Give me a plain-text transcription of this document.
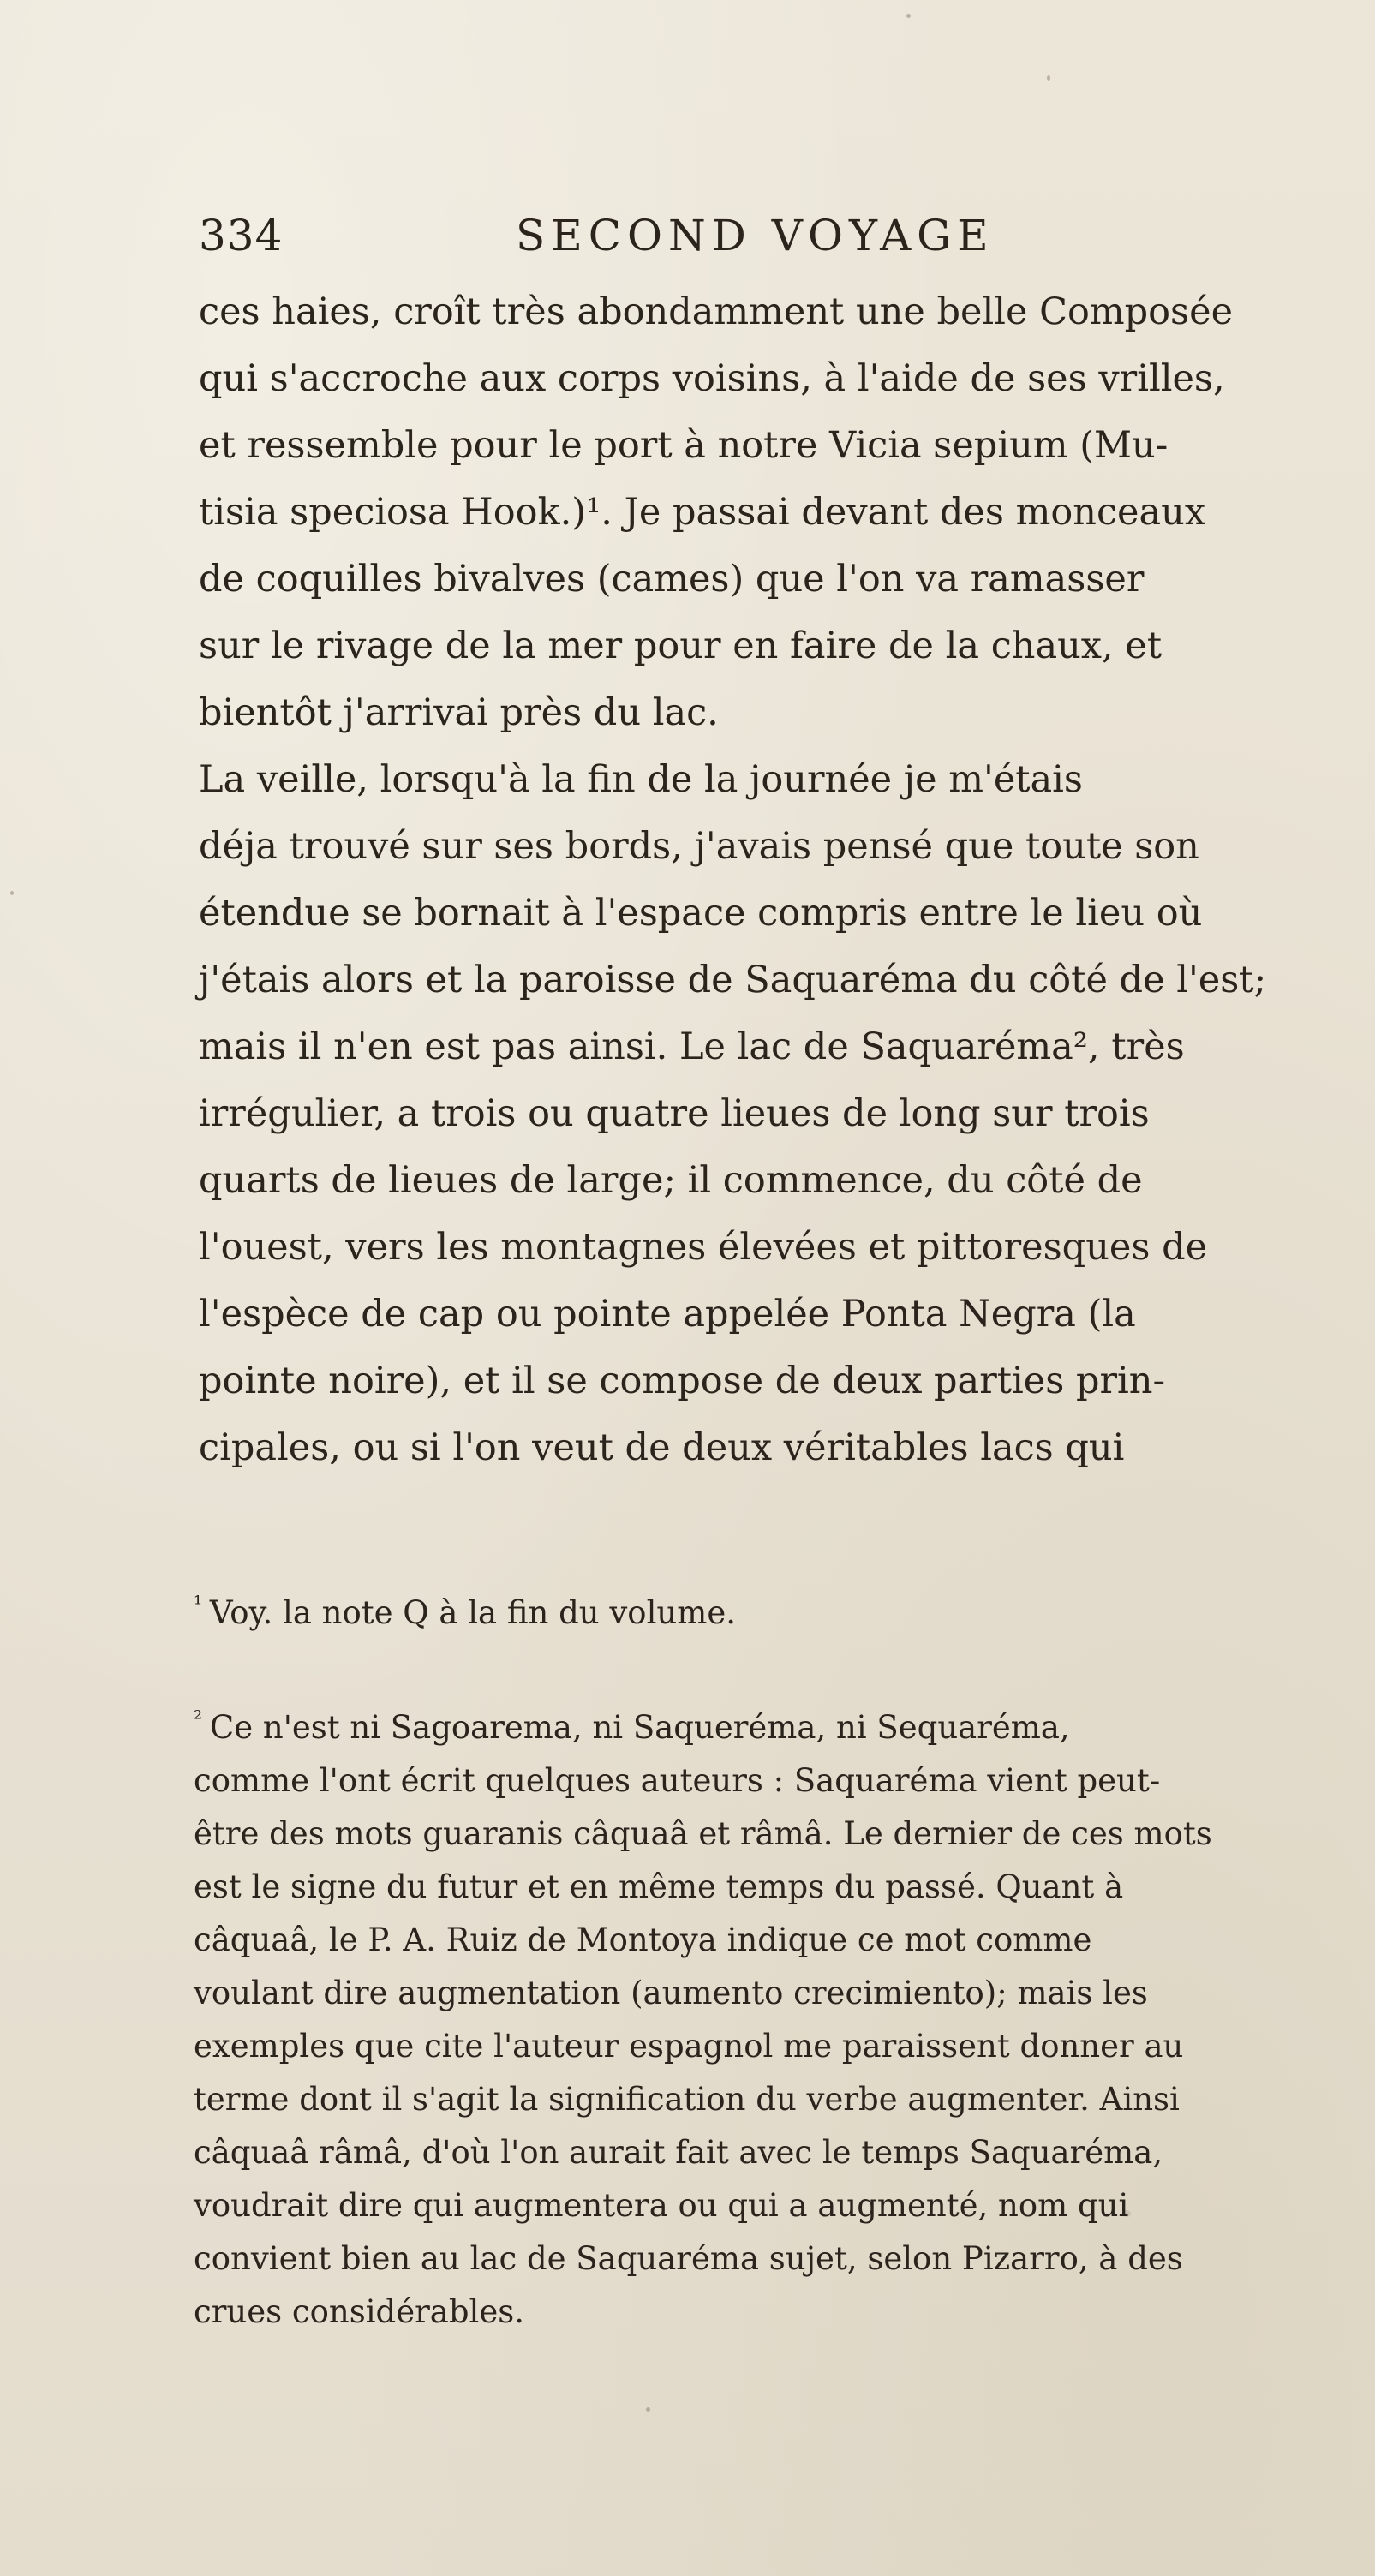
334	SECOND VOYAGE

ces haies, croît très abondamment une belle Composée
qui s'accroche aux corps voisins, à l'aide de ses vrilles,
et ressemble pour le port à notre Vicia sepium (Mu-
tisia speciosa Hook.)¹. Je passai devant des monceaux
de coquilles bivalves (cames) que l'on va ramasser
sur le rivage de la mer pour en faire de la chaux, et
bientôt j'arrivai près du lac.
La veille, lorsqu'à la fin de la journée je m'étais
déja trouvé sur ses bords, j'avais pensé que toute son
étendue se bornait à l'espace compris entre le lieu où
j'étais alors et la paroisse de Saquaréma du côté de l'est;
mais il n'en est pas ainsi. Le lac de Saquaréma², très
irrégulier, a trois ou quatre lieues de long sur trois
quarts de lieues de large; il commence, du côté de
l'ouest, vers les montagnes élevées et pittoresques de
l'espèce de cap ou pointe appelée Ponta Negra (la
pointe noire), et il se compose de deux parties prin-
cipales, ou si l'on veut de deux véritables lacs qui

$^{^1}$ Voy. la note Q à la fin du volume.

$^{^2}$ Ce n'est ni Sagoarema, ni Saqueréma, ni Sequaréma,
comme l'ont écrit quelques auteurs : Saquaréma vient peut-
être des mots guaranis câquaâ et râmâ. Le dernier de ces mots
est le signe du futur et en même temps du passé. Quant à
câquaâ, le P. A. Ruiz de Montoya indique ce mot comme
voulant dire augmentation (aumento crecimiento); mais les
exemples que cite l'auteur espagnol me paraissent donner au
terme dont il s'agit la signification du verbe augmenter. Ainsi
câquaâ râmâ, d'où l'on aurait fait avec le temps Saquaréma,
voudrait dire qui augmentera ou qui a augmenté, nom qui
convient bien au lac de Saquaréma sujet, selon Pizarro, à des
crues considérables.
